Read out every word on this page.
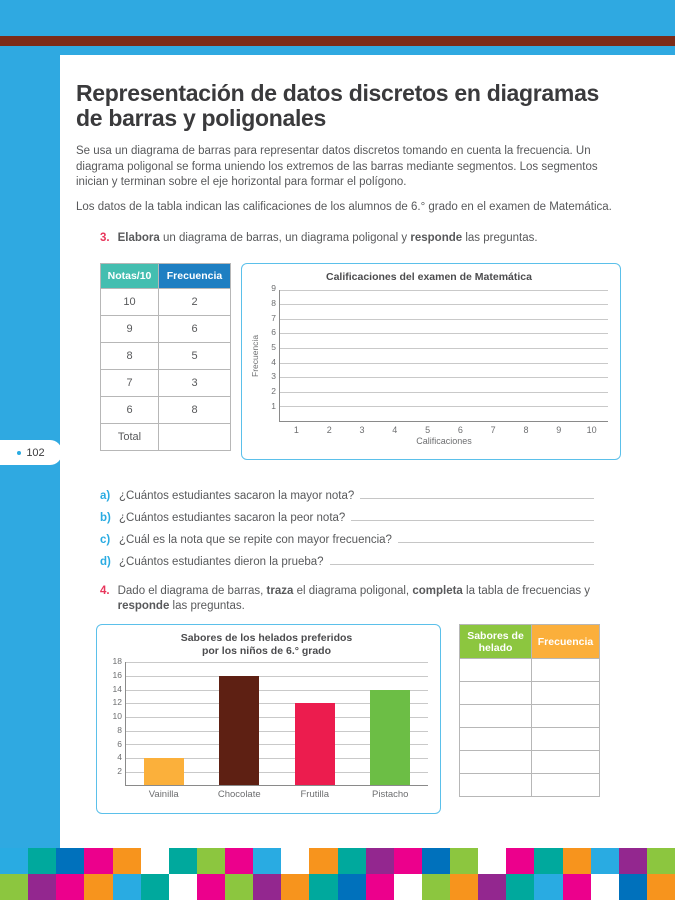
Representación de datos discretos en diagramas
de barras y poligonales

Se usa un diagrama de barras para representar datos discretos tomando en cuenta la frecuencia. Un diagrama poligonal se forma uniendo los extremos de las barras mediante segmentos. Los segmentos inician y terminan sobre el eje horizontal para formar el polígono.

Los datos de la tabla indican las calificaciones de los alumnos de 6.° grado en el examen de Matemática.

3. Elabora un diagrama de barras, un diagrama poligonal y responde las preguntas.
Notas/10	Frecuencia
10	2
9	6
8	5
7	3
6	8
Total	
Calificaciones del examen de Matemática
Frecuencia
1
2
3
4
5
6
7
8
9
1	2	3	4	5	6	7	8	9	10
Calificaciones
a) ¿Cuántos estudiantes sacaron la mayor nota?
b) ¿Cuántos estudiantes sacaron la peor nota?
c) ¿Cuál es la nota que se repite con mayor frecuencia?
d) ¿Cuántos estudiantes dieron la prueba?
4. Dado el diagrama de barras, traza el diagrama poligonal, completa la tabla de frecuencias y responde las preguntas.
Sabores de los helados preferidos
por los niños de 6.° grado
2
4
6
8
10
12
14
16
18
Vainilla	Chocolate	Frutilla	Pistacho
Sabores de helado	Frecuencia

102
